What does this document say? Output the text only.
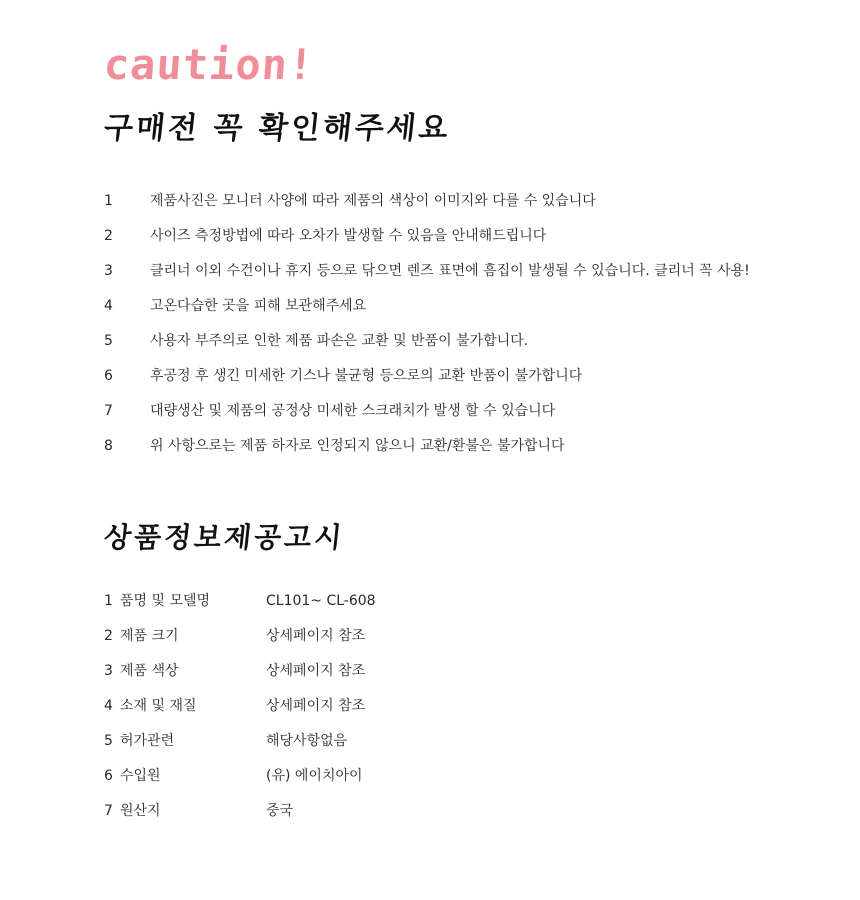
caution!
구매전 꼭 확인해주세요
1	제품사진은 모니터 사양에 따라 제품의 색상이 이미지와 다를 수 있습니다
2	사이즈 측정방법에 따라 오차가 발생할 수 있음을 안내해드립니다
3	클리너 이외 수건이나 휴지 등으로 닦으면 렌즈 표면에 흠집이 발생될 수 있습니다. 클리너 꼭 사용!
4	고온다습한 곳을 피해 보관해주세요
5	사용자 부주의로 인한 제품 파손은 교환 및 반품이 불가합니다.
6	후공정 후 생긴 미세한 기스나 불균형 등으로의 교환 반품이 불가합니다
7	대량생산 및 제품의 공정상 미세한 스크래치가 발생 할 수 있습니다
8	위 사항으로는 제품 하자로 인정되지 않으니 교환/환불은 불가합니다
상품정보제공고시
1 품명 및 모델명	CL101~ CL-608
2 제품 크기	상세페이지 참조
3 제품 색상	상세페이지 참조
4 소재 및 재질	상세페이지 참조
5 허가관련	해당사항없음
6 수입원	(유) 에이치아이
7 원산지	중국
